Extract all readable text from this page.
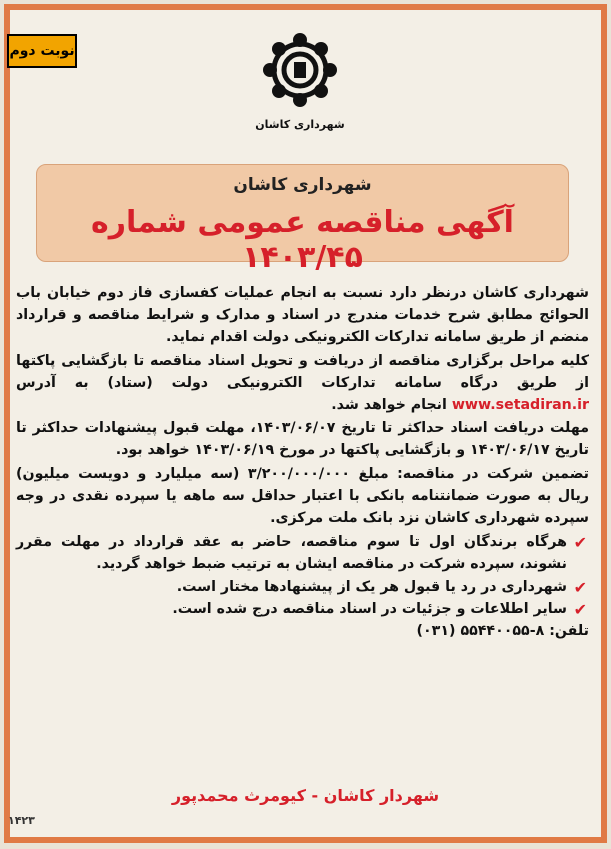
نوبت دوم
شهرداری کاشان
شهرداری کاشان
آگهی مناقصه عمومی شماره ۱۴۰۳/۴۵

شهرداری کاشان درنظر دارد نسبت به انجام عملیات کفسازی فاز دوم خیابان باب الحوائج مطابق شرح خدمات مندرج در اسناد و مدارک و شرایط مناقصه و قرارداد منضم از طریق سامانه تدارکات الکترونیکی دولت اقدام نماید.

کلیه مراحل برگزاری مناقصه از دریافت و تحویل اسناد مناقصه تا بازگشایی پاکتها از طریق درگاه سامانه تدارکات الکترونیکی دولت (ستاد) به آدرس www.setadiran.ir انجام خواهد شد.

مهلت دریافت اسناد حداکثر تا تاریخ ۱۴۰۳/۰۶/۰۷، مهلت قبول پیشنهادات حداکثر تا تاریخ ۱۴۰۳/۰۶/۱۷ و بازگشایی پاکتها در مورخ ۱۴۰۳/۰۶/۱۹ خواهد بود.

تضمین شرکت در مناقصه: مبلغ ۳/۲۰۰/۰۰۰/۰۰۰ (سه میلیارد و دویست میلیون) ریال به صورت ضمانتنامه بانکی با اعتبار حداقل سه ماهه یا سپرده نقدی در وجه سپرده شهرداری کاشان نزد بانک ملت مرکزی.

✔
هرگاه برندگان اول تا سوم مناقصه، حاضر به عقد قرارداد در مهلت مقرر نشوند، سپرده شرکت در مناقصه ایشان به ترتیب ضبط خواهد گردید.
✔
شهرداری در رد یا قبول هر یک از پیشنهادها مختار است.
✔
سایر اطلاعات و جزئیات در اسناد مناقصه درج شده است.

تلفن: ۸-۵۵۴۴۰۰۵۵ (۰۳۱)

شهردار کاشان - کیومرث محمدپور
۱۴۲۳
